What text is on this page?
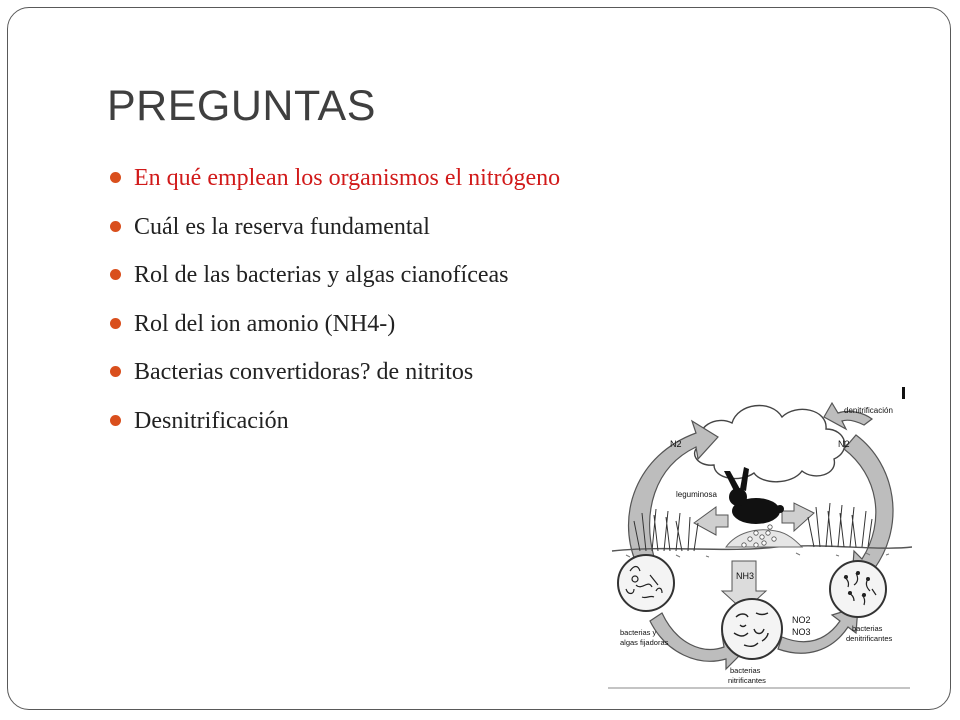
PREGUNTAS
En qué emplean los organismos el nitrógeno
Cuál es la reserva fundamental
Rol de las bacterias y algas cianofíceas
Rol del ion amonio (NH4-)
Bacterias convertidoras? de nitritos
Desnitrificación	denitrificación
N2	N2
leguminosa
NH3
NO2
NO3
bacterias y
algas fijadoras
bacterias
nitrificantes
bacterias
denitrificantes
